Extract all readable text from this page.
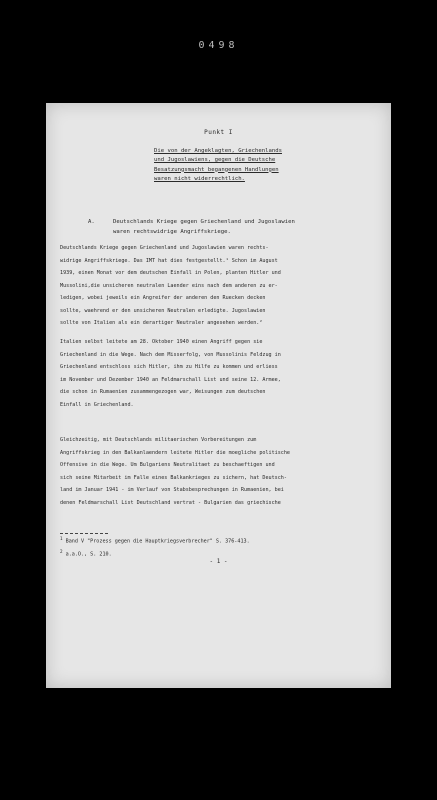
0498
Punkt I
Die von der Angeklagten, Griechenlands
und Jugoslawiens, gegen die Deutsche
Besatzungsmacht begangenen Handlungen
waren nicht widerrechtlich.
A.	Deutschlands Kriege gegen Griechenland und Jugoslawien
waren rechtswidrige Angriffskriege.
Deutschlands Kriege gegen Griechenland und Jugoslawien waren rechts-
widrige Angriffskriege. Das IMT hat dies festgestellt.¹ Schon im August
1939, einen Monat vor dem deutschen Einfall in Polen, planten Hitler und
Mussolini,die unsicheren neutralen Laender eins nach dem anderen zu er-
ledigen, wobei jeweils ein Angreifer der anderen den Ruecken decken
sollte, waehrend er den unsicheren Neutralen erledigte. Jugoslawien
sollte von Italien als ein derartiger Neutraler angesehen werden.²
Italien selbst leitete am 28. Oktober 1940 einen Angriff gegen sie
Griechenland in die Wege. Nach dem Misserfolg, von Mussolinis Feldzug in
Griechenland entschloss sich Hitler, ihm zu Hilfe zu kommen und erliess
im November und Dezember 1940 an Feldmarschall List und seine 12. Armee,
die schon in Rumaenien zusammengezogen war, Weisungen zum deutschen
Einfall in Griechenland.
Gleichzeitig, mit Deutschlands militaerischen Vorbereitungen zum
Angriffskrieg in den Balkanlaendern leitete Hitler die moegliche politische
Offensive in die Wege. Um Bulgariens Neutralitaet zu beschaeftigen und
sich seine Mitarbeit im Falle eines Balkankrieges zu sichern, hat Deutsch-
land im Januar 1941 - im Verlauf von Stabsbesprechungen in Rumaenien, bei
denen Feldmarschall List Deutschland vertrat - Bulgarien das griechische
$^1$ Band V "Prozess gegen die Hauptkriegsverbrecher" S. 376-413.
$^2$ a.a.O., S. 210.
- 1 -
